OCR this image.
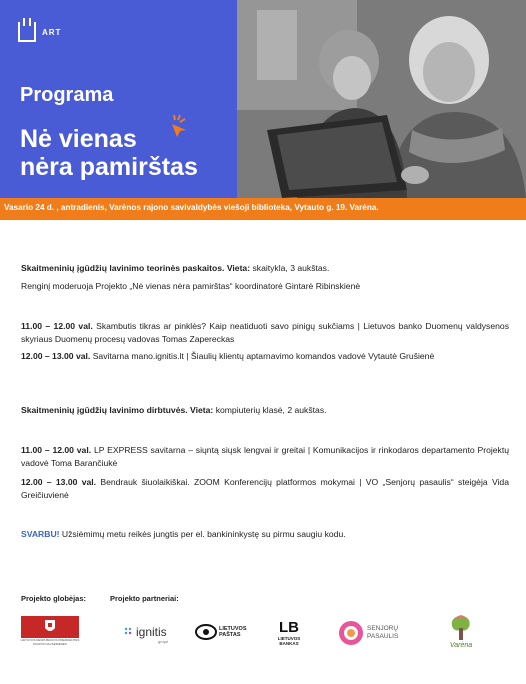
ART
Programa
Nė vienas
nėra pamirštas
Vasario 24 d. , antradienis, Varėnos rajono savivaldybės viešoji biblioteka, Vytauto g. 19. Varėna.
Skaitmeninių įgūdžių lavinimo teorinės paskaitos. Vieta: skaitykla, 3 aukštas.
Renginį moderuoja Projekto „Nė vienas nėra pamirštas“ koordinatorė Gintarė Ribinskienė
11.00 – 12.00 val. Skambutis tikras ar pinklės? Kaip neatiduoti savo pinigų sukčiams | Lietuvos banko Duomenų valdysenos skyriaus Duomenų procesų vadovas Tomas Zapereckas
12.00 – 13.00 val. Savitarna mano.ignitis.lt | Šiaulių klientų aptarnavimo komandos vadovė Vytautė Grušienė
Skaitmeninių įgūdžių lavinimo dirbtuvės. Vieta: kompiuterių klasė, 2 aukštas.
11.00 – 12.00 val. LP EXPRESS savitarna – siųntą siųsk lengvai ir greitai | Komunikacijos ir rinkodaros departamento Projektų vadovė Toma Barančiukė
12.00 – 13.00 val. Bendrauk šiuolaikiškai. ZOOM Konferencijų platformos mokymai | VO „Senjorų pasaulis“ steigėja Vida Greičiuvienė
SVARBU! Užsiėmimų metu reikės jungtis per el. bankininkystę su pirmu saugiu kodu.
Projekto globėjas:	Projekto partneriai:
LIETUVOS RESPUBLIKOS PREZIDENTĖS DIANOS NAUSĖDIENĖS
ignitis
grupė
LIETUVOS
PAŠTAS	LB
LIETUVOS
BANKAS
SENJORŲ
PASAULIS
Varėna
